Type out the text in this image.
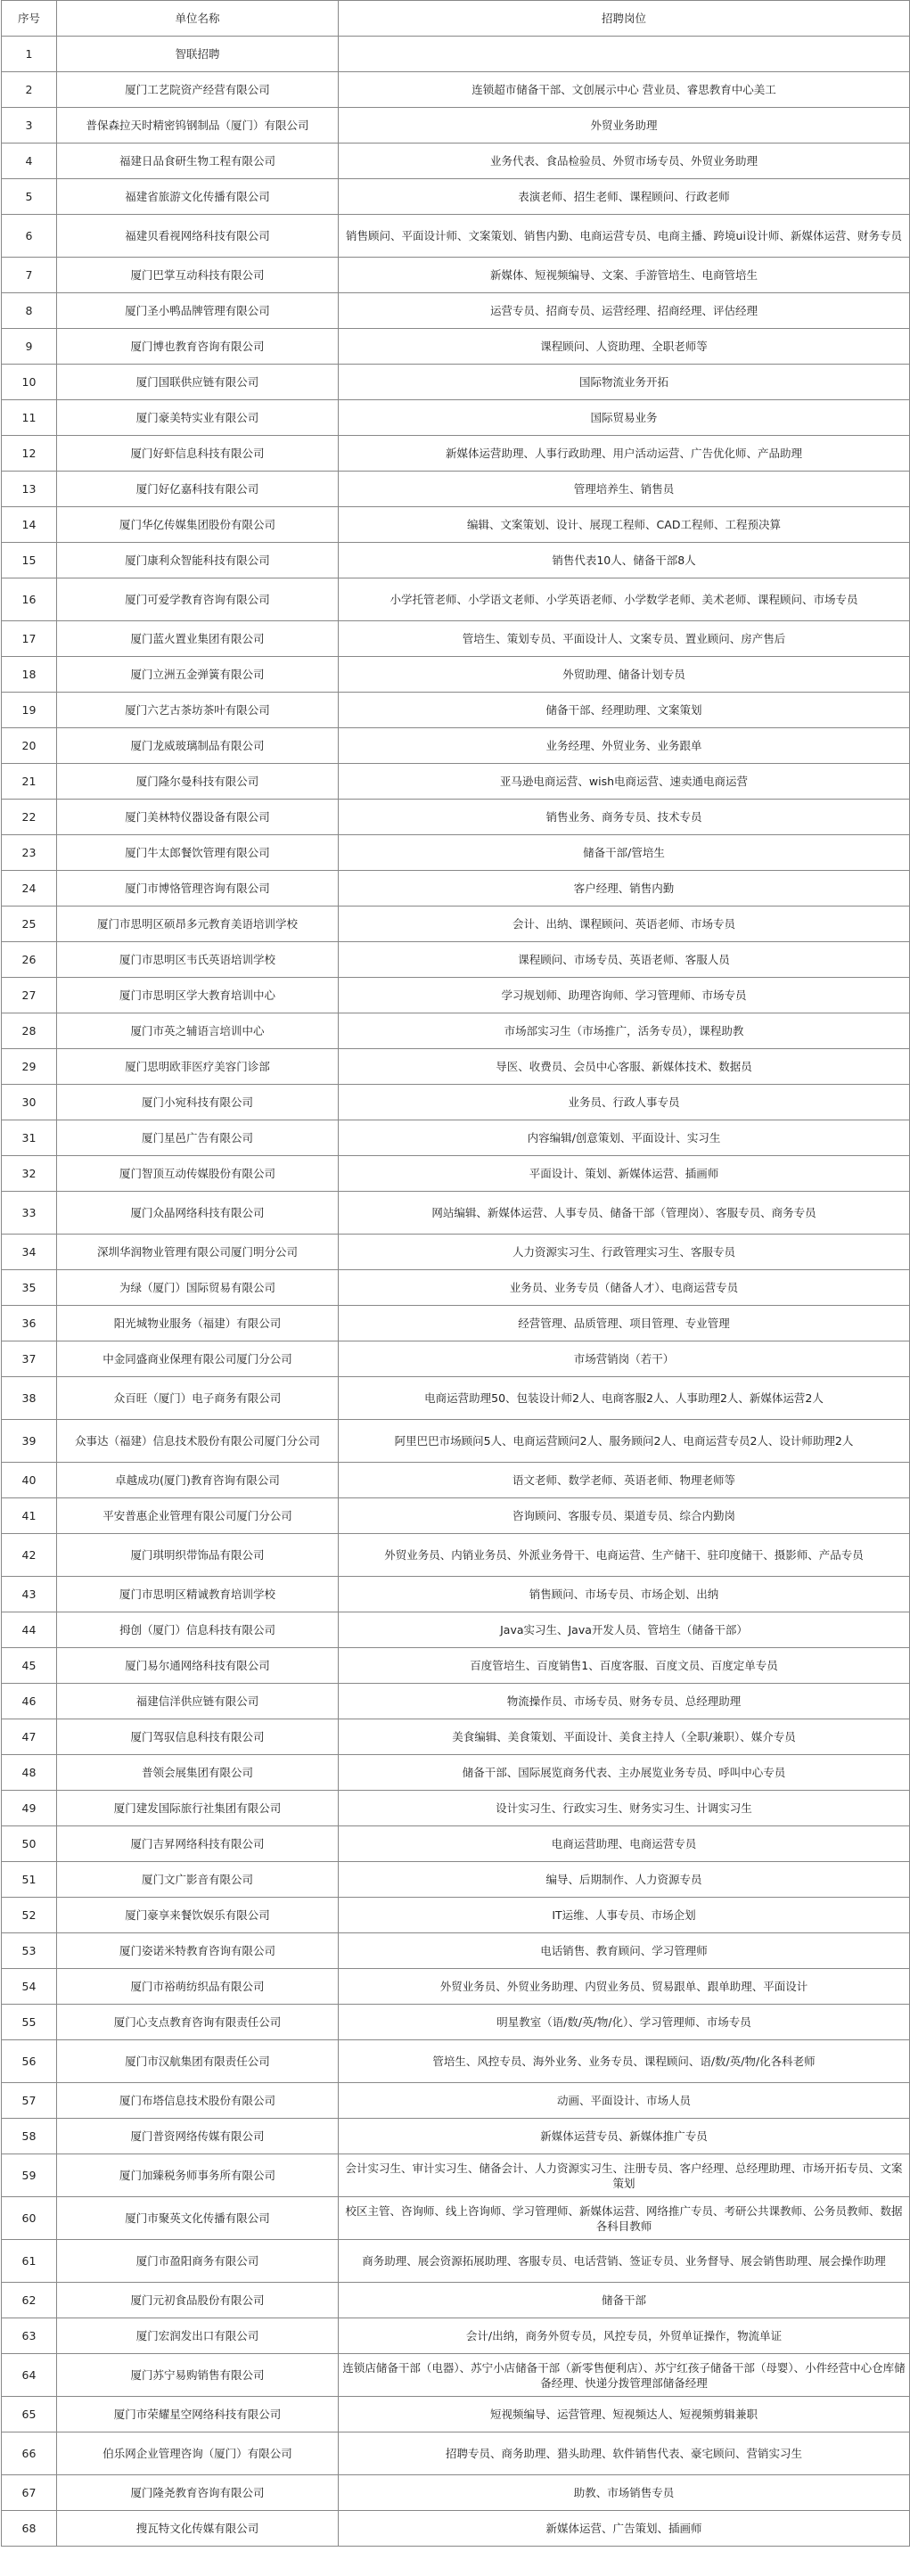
序号	单位名称	招聘岗位
1	智联招聘	
2	厦门工艺院资产经营有限公司	连锁超市储备干部、文创展示中心 营业员、睿思教育中心美工
3	普保森拉天时精密钨钢制品（厦门）有限公司	外贸业务助理
4	福建日品食研生物工程有限公司	业务代表、食品检验员、外贸市场专员、外贸业务助理
5	福建省旅游文化传播有限公司	表演老师、招生老师、课程顾问、行政老师
6	福建贝看视网络科技有限公司	销售顾问、平面设计师、文案策划、销售内勤、电商运营专员、电商主播、跨境ui设计师、新媒体运营、财务专员
7	厦门巴掌互动科技有限公司	新媒体、短视频编导、文案、手游管培生、电商管培生
8	厦门圣小鸭品牌管理有限公司	运营专员、招商专员、运营经理、招商经理、评估经理
9	厦门博也教育咨询有限公司	课程顾问、人资助理、全职老师等
10	厦门国联供应链有限公司	国际物流业务开拓
11	厦门豪美特实业有限公司	国际贸易业务
12	厦门好虾信息科技有限公司	新媒体运营助理、人事行政助理、用户活动运营、广告优化师、产品助理
13	厦门好亿嘉科技有限公司	管理培养生、销售员
14	厦门华亿传媒集团股份有限公司	编辑、文案策划、设计、展现工程师、CAD工程师、工程预决算
15	厦门康利众智能科技有限公司	销售代表10人、储备干部8人
16	厦门可爱学教育咨询有限公司	小学托管老师、小学语文老师、小学英语老师、小学数学老师、美术老师、课程顾问、市场专员
17	厦门蓝火置业集团有限公司	管培生、策划专员、平面设计人、文案专员、置业顾问、房产售后
18	厦门立洲五金弹簧有限公司	外贸助理、储备计划专员
19	厦门六艺古茶坊茶叶有限公司	储备干部、经理助理、文案策划
20	厦门龙威玻璃制品有限公司	业务经理、外贸业务、业务跟单
21	厦门隆尔曼科技有限公司	亚马逊电商运营、wish电商运营、速卖通电商运营
22	厦门美林特仪器设备有限公司	销售业务、商务专员、技术专员
23	厦门牛太郎餐饮管理有限公司	储备干部/管培生
24	厦门市博恪管理咨询有限公司	客户经理、销售内勤
25	厦门市思明区硕昂多元教育美语培训学校	会计、出纳、课程顾问、英语老师、市场专员
26	厦门市思明区韦氏英语培训学校	课程顾问、市场专员、英语老师、客服人员
27	厦门市思明区学大教育培训中心	学习规划师、助理咨询师、学习管理师、市场专员
28	厦门市英之辅语言培训中心	市场部实习生（市场推广，活务专员），课程助教
29	厦门思明欧菲医疗美容门诊部	导医、收费员、会员中心客服、新媒体技术、数据员
30	厦门小宛科技有限公司	业务员、行政人事专员
31	厦门星邑广告有限公司	内容编辑/创意策划、平面设计、实习生
32	厦门智顶互动传媒股份有限公司	平面设计、策划、新媒体运营、插画师
33	厦门众晶网络科技有限公司	网站编辑、新媒体运营、人事专员、储备干部（管理岗）、客服专员、商务专员
34	深圳华润物业管理有限公司厦门明分公司	人力资源实习生、行政管理实习生、客服专员
35	为绿（厦门）国际贸易有限公司	业务员、业务专员（储备人才）、电商运营专员
36	阳光城物业服务（福建）有限公司	经营管理、品质管理、项目管理、专业管理
37	中金同盛商业保理有限公司厦门分公司	市场营销岗（若干）
38	众百旺（厦门）电子商务有限公司	电商运营助理50、包装设计师2人、电商客服2人、人事助理2人、新媒体运营2人
39	众事达（福建）信息技术股份有限公司厦门分公司	阿里巴巴市场顾问5人、电商运营顾问2人、服务顾问2人、电商运营专员2人、设计师助理2人
40	卓越成功(厦门)教育咨询有限公司	语文老师、数学老师、英语老师、物理老师等
41	平安普惠企业管理有限公司厦门分公司	咨询顾问、客服专员、渠道专员、综合内勤岗
42	厦门琪明织带饰品有限公司	外贸业务员、内销业务员、外派业务骨干、电商运营、生产储干、驻印度储干、摄影师、产品专员
43	厦门市思明区精诚教育培训学校	销售顾问、市场专员、市场企划、出纳
44	拇创（厦门）信息科技有限公司	Java实习生、Java开发人员、管培生（储备干部）
45	厦门易尔通网络科技有限公司	百度管培生、百度销售1、百度客服、百度文员、百度定单专员
46	福建信洋供应链有限公司	物流操作员、市场专员、财务专员、总经理助理
47	厦门驾驭信息科技有限公司	美食编辑、美食策划、平面设计、美食主持人（全职/兼职）、媒介专员
48	普领会展集团有限公司	储备干部、国际展览商务代表、主办展览业务专员、呼叫中心专员
49	厦门建发国际旅行社集团有限公司	设计实习生、行政实习生、财务实习生、计调实习生
50	厦门吉昇网络科技有限公司	电商运营助理、电商运营专员
51	厦门文广影音有限公司	编导、后期制作、人力资源专员
52	厦门豪享来餐饮娱乐有限公司	IT运维、人事专员、市场企划
53	厦门姿诺米特教育咨询有限公司	电话销售、教育顾问、学习管理师
54	厦门市裕萌纺织品有限公司	外贸业务员、外贸业务助理、内贸业务员、贸易跟单、跟单助理、平面设计
55	厦门心支点教育咨询有限责任公司	明星教室（语/数/英/物/化）、学习管理师、市场专员
56	厦门市汉航集团有限责任公司	管培生、风控专员、海外业务、业务专员、课程顾问、语/数/英/物/化各科老师
57	厦门布塔信息技术股份有限公司	动画、平面设计、市场人员
58	厦门普资网络传媒有限公司	新媒体运营专员、新媒体推广专员
59	厦门加臻税务师事务所有限公司	会计实习生、审计实习生、储备会计、人力资源实习生、注册专员、客户经理、总经理助理、市场开拓专员、文案策划
60	厦门市聚英文化传播有限公司	校区主管、咨询师、线上咨询师、学习管理师、新媒体运营、网络推广专员、考研公共课教师、公务员教师、数据各科目教师
61	厦门市盈阳商务有限公司	商务助理、展会资源拓展助理、客服专员、电话营销、签证专员、业务督导、展会销售助理、展会操作助理
62	厦门元初食品股份有限公司	储备干部
63	厦门宏润发出口有限公司	会计/出纳，商务外贸专员，风控专员，外贸单证操作，物流单证
64	厦门苏宁易购销售有限公司	连锁店储备干部（电器）、苏宁小店储备干部（新零售便利店）、苏宁红孩子储备干部（母婴）、小件经营中心仓库储备经理、快递分拨管理部储备经理
65	厦门市荣耀星空网络科技有限公司	短视频编导、运营管理、短视频达人、短视频剪辑兼职
66	伯乐网企业管理咨询（厦门）有限公司	招聘专员、商务助理、猎头助理、软件销售代表、豪宅顾问、营销实习生
67	厦门隆尧教育咨询有限公司	助教、市场销售专员
68	搜瓦特文化传媒有限公司	新媒体运营、广告策划、插画师
